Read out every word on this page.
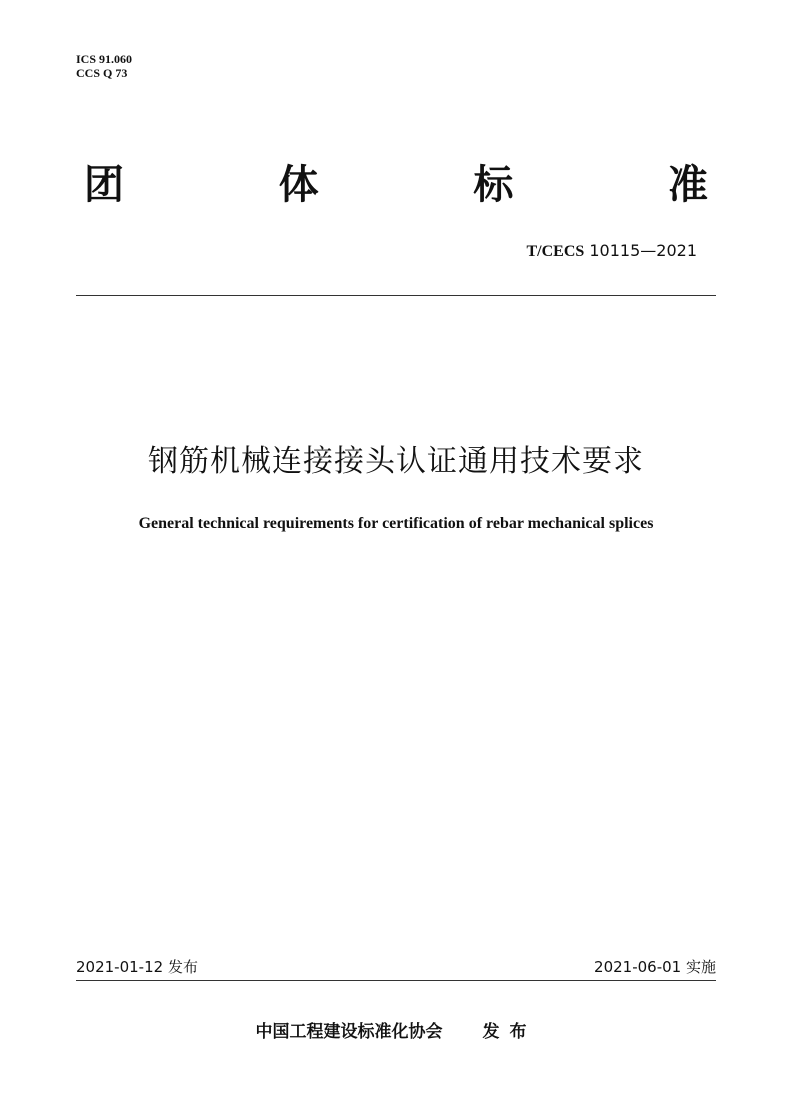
ICS 91.060
CCS Q 73
团	体	标	准
T/CECS 10115—2021
钢筋机械连接接头认证通用技术要求
General technical requirements for certification of rebar mechanical splices
2021-01-12 发布	2021-06-01 实施
中国工程建设标准化协会 发布
